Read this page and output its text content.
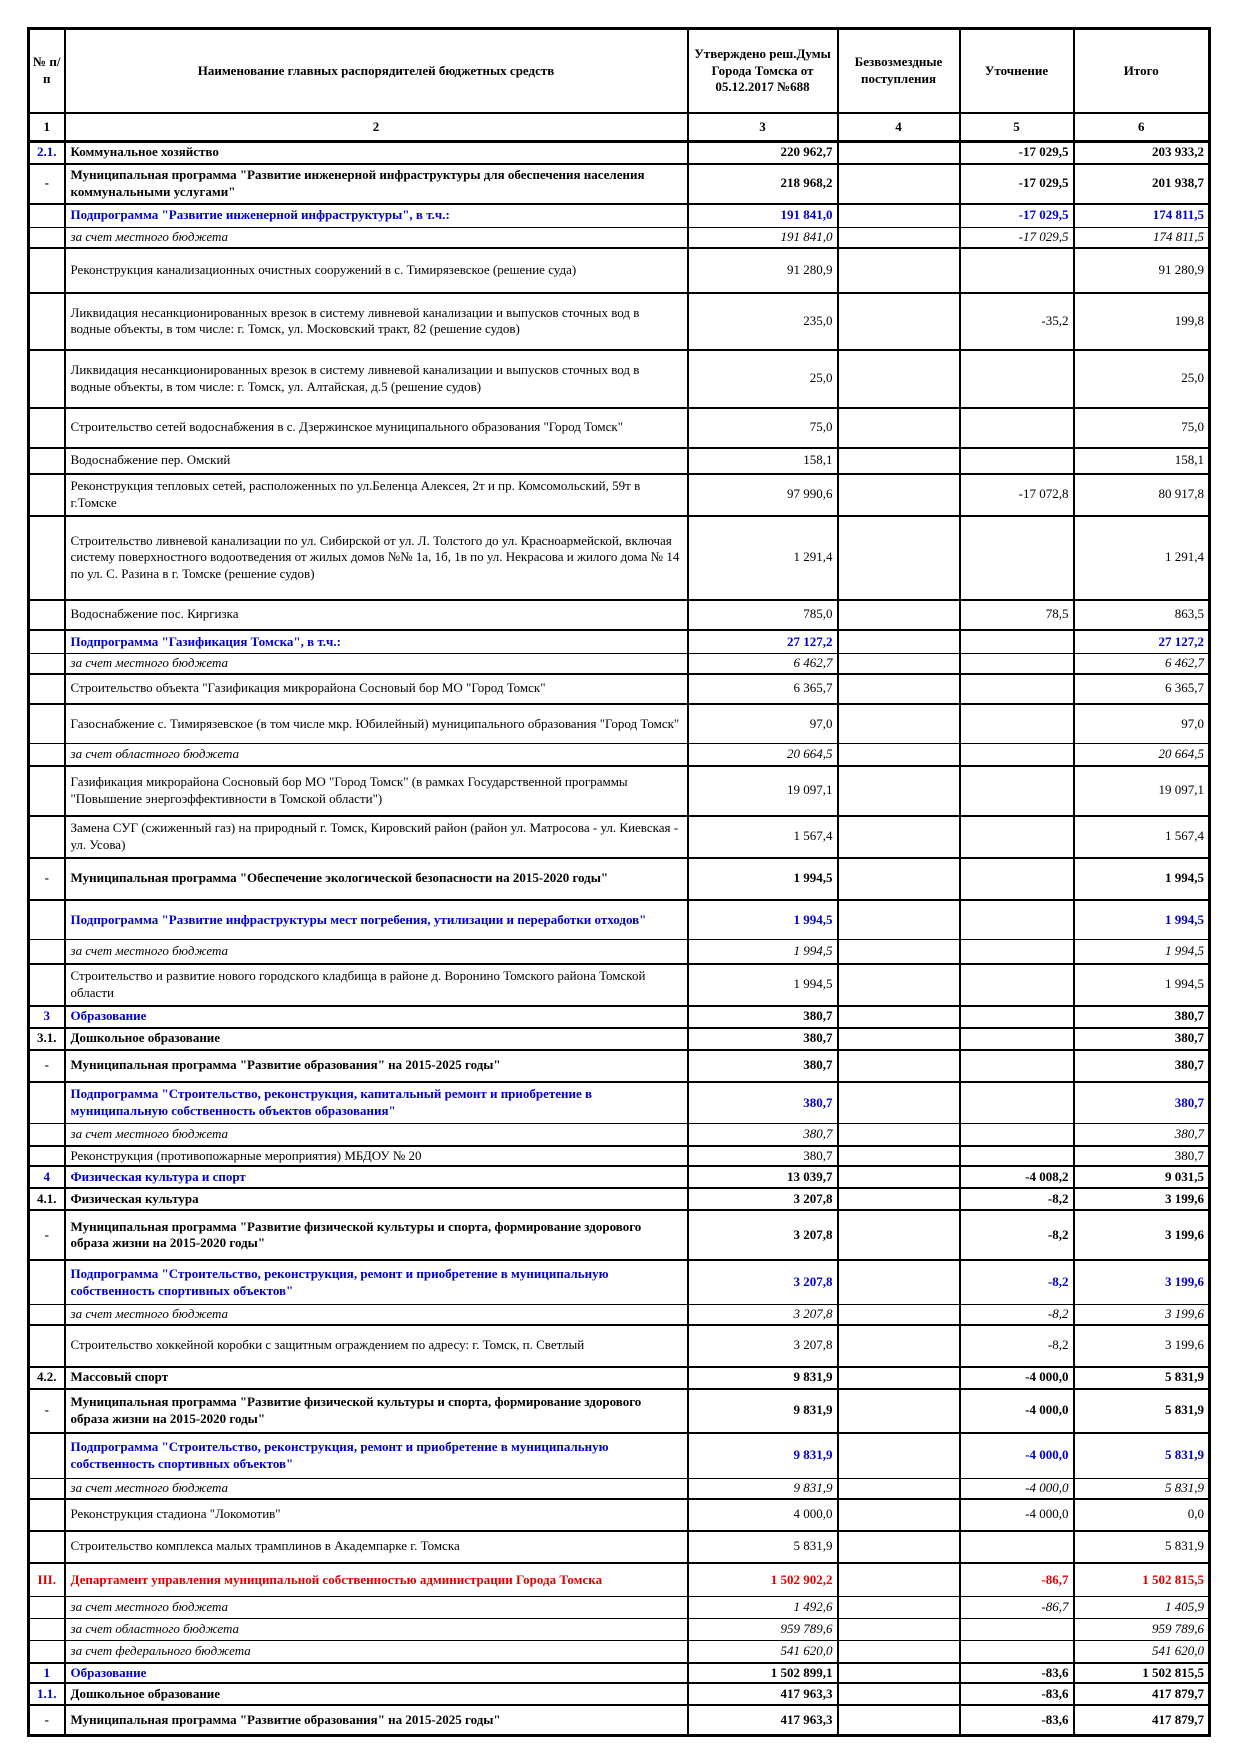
№ п/п	Наименование главных распорядителей бюджетных средств	Утверждено реш.Думы Города Томска от 05.12.2017 №688	Безвозмездные поступления	Уточнение	Итого
1	2	3	4	5	6
2.1.	Коммунальное хозяйство	220 962,7		-17 029,5	203 933,2
-	Муниципальная программа "Развитие инженерной инфраструктуры для обеспечения населения коммунальными услугами"	218 968,2		-17 029,5	201 938,7
	Подпрограмма "Развитие инженерной инфраструктуры", в т.ч.:	191 841,0		-17 029,5	174 811,5
	за счет местного бюджета	191 841,0		-17 029,5	174 811,5
	Реконструкция канализационных очистных сооружений в с. Тимирязевское (решение суда)	91 280,9			91 280,9
	Ликвидация несанкционированных врезок в систему ливневой канализации и выпусков сточных вод в водные объекты, в том числе: г. Томск, ул. Московский тракт, 82 (решение судов)	235,0		-35,2	199,8
	Ликвидация несанкционированных врезок в систему ливневой канализации и выпусков сточных вод в водные объекты, в том числе: г. Томск, ул. Алтайская, д.5 (решение судов)	25,0			25,0
	Строительство сетей водоснабжения в с. Дзержинское муниципального образования "Город Томск"	75,0			75,0
	Водоснабжение пер. Омский	158,1			158,1
	Реконструкция тепловых сетей, расположенных по ул.Беленца Алексея, 2т и пр. Комсомольский, 59т в г.Томске	97 990,6		-17 072,8	80 917,8
	Строительство ливневой канализации по ул. Сибирской от ул. Л. Толстого до ул. Красноармейской, включая систему поверхностного водоотведения от жилых домов №№ 1а, 1б, 1в по ул. Некрасова и жилого дома № 14 по ул. С. Разина в г. Томске (решение судов)	1 291,4			1 291,4
	Водоснабжение пос. Киргизка	785,0		78,5	863,5
	Подпрограмма "Газификация Томска", в т.ч.:	27 127,2			27 127,2
	за счет местного бюджета	6 462,7			6 462,7
	Строительство объекта "Газификация микрорайона Сосновый бор МО "Город Томск"	6 365,7			6 365,7
	Газоснабжение с. Тимирязевское (в том числе мкр. Юбилейный) муниципального образования "Город Томск"	97,0			97,0
	за счет областного бюджета	20 664,5			20 664,5
	Газификация микрорайона Сосновый бор МО "Город Томск" (в рамках Государственной программы "Повышение энергоэффективности в Томской области")	19 097,1			19 097,1
	Замена СУГ (сжиженный газ) на природный г. Томск, Кировский район (район ул. Матросова - ул. Киевская - ул. Усова)	1 567,4			1 567,4
-	Муниципальная программа "Обеспечение экологической безопасности на 2015-2020 годы"	1 994,5			1 994,5
	Подпрограмма "Развитие инфраструктуры мест погребения, утилизации и переработки отходов"	1 994,5			1 994,5
	за счет местного бюджета	1 994,5			1 994,5
	Строительство и развитие нового городского кладбища в районе д. Воронино Томского района Томской области	1 994,5			1 994,5
3	Образование	380,7			380,7
3.1.	Дошкольное образование	380,7			380,7
-	Муниципальная программа "Развитие образования" на 2015-2025 годы"	380,7			380,7
	Подпрограмма "Строительство, реконструкция, капитальный ремонт и приобретение в муниципальную собственность объектов образования"	380,7			380,7
	за счет местного бюджета	380,7			380,7
	Реконструкция (противопожарные мероприятия) МБДОУ № 20	380,7			380,7
4	Физическая культура и спорт	13 039,7		-4 008,2	9 031,5
4.1.	Физическая культура	3 207,8		-8,2	3 199,6
-	Муниципальная программа "Развитие физической культуры и спорта, формирование здорового образа жизни на 2015-2020 годы"	3 207,8		-8,2	3 199,6
	Подпрограмма "Строительство, реконструкция, ремонт и приобретение в муниципальную собственность спортивных объектов"	3 207,8		-8,2	3 199,6
	за счет местного бюджета	3 207,8		-8,2	3 199,6
	Строительство хоккейной коробки с защитным ограждением по адресу: г. Томск, п. Светлый	3 207,8		-8,2	3 199,6
4.2.	Массовый спорт	9 831,9		-4 000,0	5 831,9
-	Муниципальная программа "Развитие физической культуры и спорта, формирование здорового образа жизни на 2015-2020 годы"	9 831,9		-4 000,0	5 831,9
	Подпрограмма "Строительство, реконструкция, ремонт и приобретение в муниципальную собственность спортивных объектов"	9 831,9		-4 000,0	5 831,9
	за счет местного бюджета	9 831,9		-4 000,0	5 831,9
	Реконструкция стадиона "Локомотив"	4 000,0		-4 000,0	0,0
	Строительство комплекса малых трамплинов в Академпарке г. Томска	5 831,9			5 831,9
III.	Департамент управления муниципальной собственностью администрации Города Томска	1 502 902,2		-86,7	1 502 815,5
	за счет местного бюджета	1 492,6		-86,7	1 405,9
	за счет областного бюджета	959 789,6			959 789,6
	за счет федерального бюджета	541 620,0			541 620,0
1	Образование	1 502 899,1		-83,6	1 502 815,5
1.1.	Дошкольное образование	417 963,3		-83,6	417 879,7
-	Муниципальная программа "Развитие образования" на 2015-2025 годы"	417 963,3		-83,6	417 879,7
